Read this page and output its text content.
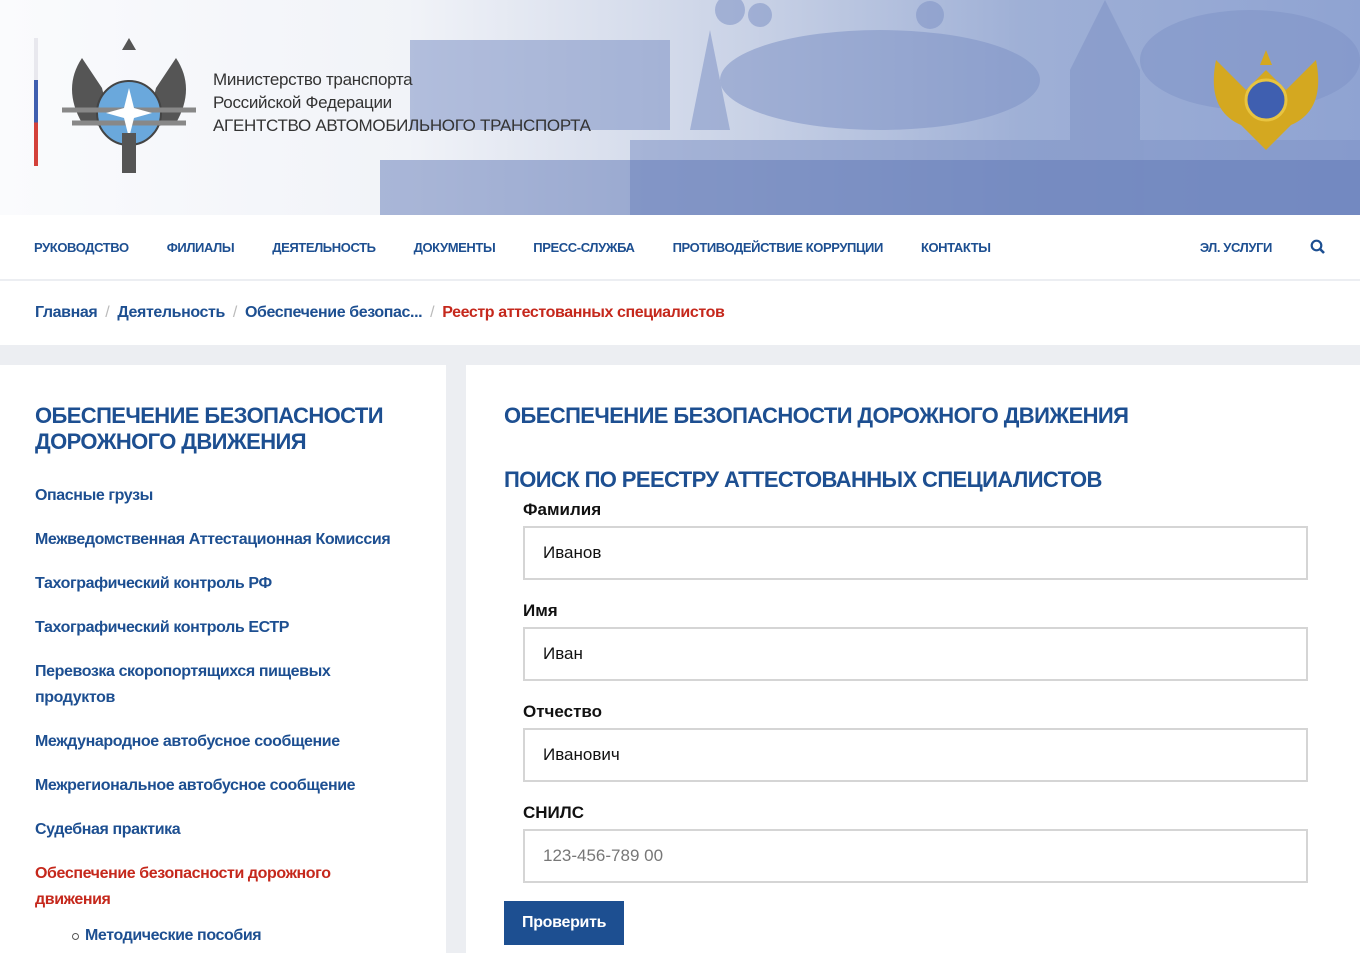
Министерство транспорта
Российской Федерации
АГЕНТСТВО АВТОМОБИЛЬНОГО ТРАНСПОРТА
РУКОВОДСТВО	ФИЛИАЛЫ	ДЕЯТЕЛЬНОСТЬ	ДОКУМЕНТЫ	ПРЕСС-СЛУЖБА	ПРОТИВОДЕЙСТВИЕ КОРРУПЦИИ	КОНТАКТЫ	ЭЛ. УСЛУГИ
Главная / Деятельность / Обеспечение безопас... / Реестр аттестованных специалистов
ОБЕСПЕЧЕНИЕ БЕЗОПАСНОСТИ ДОРОЖНОГО ДВИЖЕНИЯ
Опасные грузы
Межведомственная Аттестационная Комиссия
Тахографический контроль РФ
Тахографический контроль ЕСТР
Перевозка скоропортящихся пищевых продуктов
Международное автобусное сообщение
Межрегиональное автобусное сообщение
Судебная практика
Обеспечение безопасности дорожного движения
Методические пособия
ОБЕСПЕЧЕНИЕ БЕЗОПАСНОСТИ ДОРОЖНОГО ДВИЖЕНИЯ
ПОИСК ПО РЕЕСТРУ АТТЕСТОВАННЫХ СПЕЦИАЛИСТОВ
Фамилия
Иванов
Имя
Иван
Отчество
Иванович
СНИЛС
123-456-789 00
Проверить
